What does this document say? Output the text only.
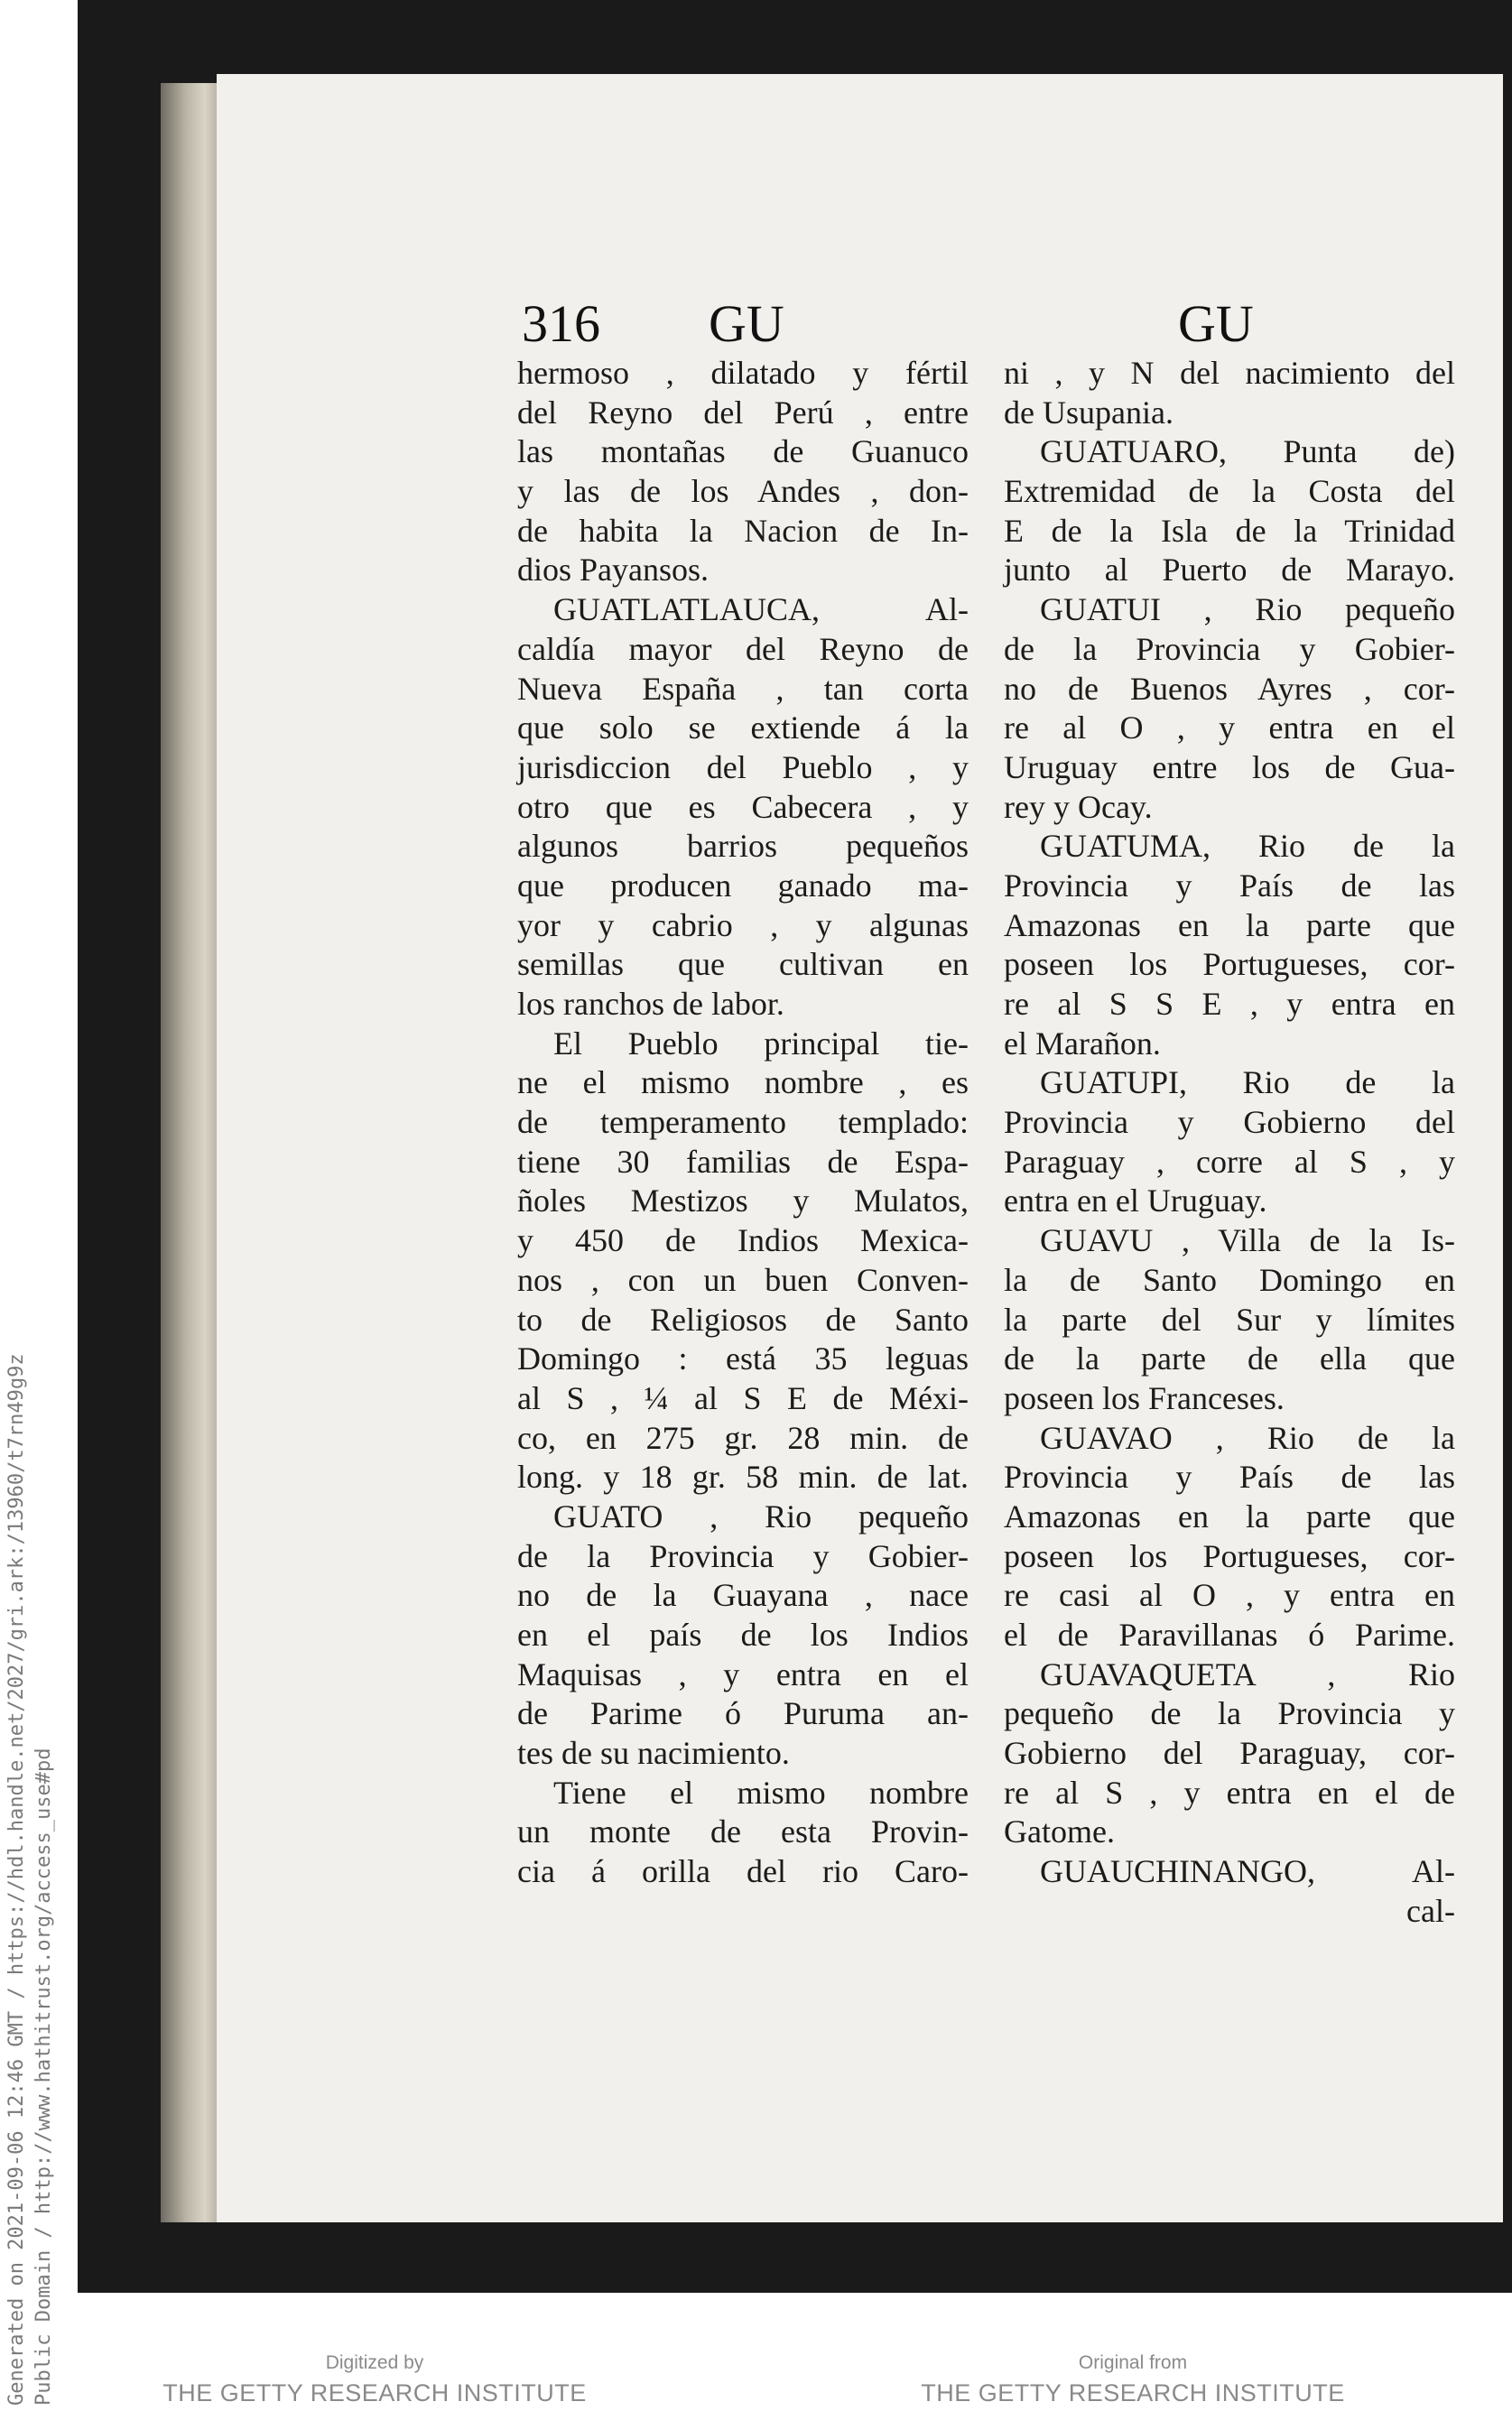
316 GU	GU
hermoso , dilatado y fértil
del Reyno del Perú , entre
las montañas de Guanuco
y las de los Andes , don-
de habita la Nacion de In-
dios Payansos.
GUATLATLAUCA, Al-
caldía mayor del Reyno de
Nueva España , tan corta
que solo se extiende á la
jurisdiccion del Pueblo , y
otro que es Cabecera , y
algunos barrios pequeños
que producen ganado ma-
yor y cabrio , y algunas
semillas que cultivan en
los ranchos de labor.
El Pueblo principal tie-
ne el mismo nombre , es
de temperamento templado:
tiene 30 familias de Espa-
ñoles Mestizos y Mulatos,
y 450 de Indios Mexica-
nos , con un buen Conven-
to de Religiosos de Santo
Domingo : está 35 leguas
al S , ¼ al S E de Méxi-
co, en 275 gr. 28 min. de
long. y 18 gr. 58 min. de lat.
GUATO , Rio pequeño
de la Provincia y Gobier-
no de la Guayana , nace
en el país de los Indios
Maquisas , y entra en el
de Parime ó Puruma an-
tes de su nacimiento.
Tiene el mismo nombre
un monte de esta Provin-
cia á orilla del rio Caro-
ni , y N del nacimiento del
de Usupania.
GUATUARO, Punta de)
Extremidad de la Costa del
E de la Isla de la Trinidad
junto al Puerto de Marayo.
GUATUI , Rio pequeño
de la Provincia y Gobier-
no de Buenos Ayres , cor-
re al O , y entra en el
Uruguay entre los de Gua-
rey y Ocay.
GUATUMA, Rio de la
Provincia y País de las
Amazonas en la parte que
poseen los Portugueses, cor-
re al S S E , y entra en
el Marañon.
GUATUPI, Rio de la
Provincia y Gobierno del
Paraguay , corre al S , y
entra en el Uruguay.
GUAVU , Villa de la Is-
la de Santo Domingo en
la parte del Sur y límites
de la parte de ella que
poseen los Franceses.
GUAVAO , Rio de la
Provincia y País de las
Amazonas en la parte que
poseen los Portugueses, cor-
re casi al O , y entra en
el de Paravillanas ó Parime.
GUAVAQUETA , Rio
pequeño de la Provincia y
Gobierno del Paraguay, cor-
re al S , y entra en el de
Gatome.
GUAUCHINANGO, Al-
cal-
Generated on 2021-09-06 12:46 GMT / https://hdl.handle.net/2027/gri.ark:/13960/t7rn49g9z Public Domain / http://www.hathitrust.org/access_use#pd	Digitized by
THE GETTY RESEARCH INSTITUTE
Original from
THE GETTY RESEARCH INSTITUTE
